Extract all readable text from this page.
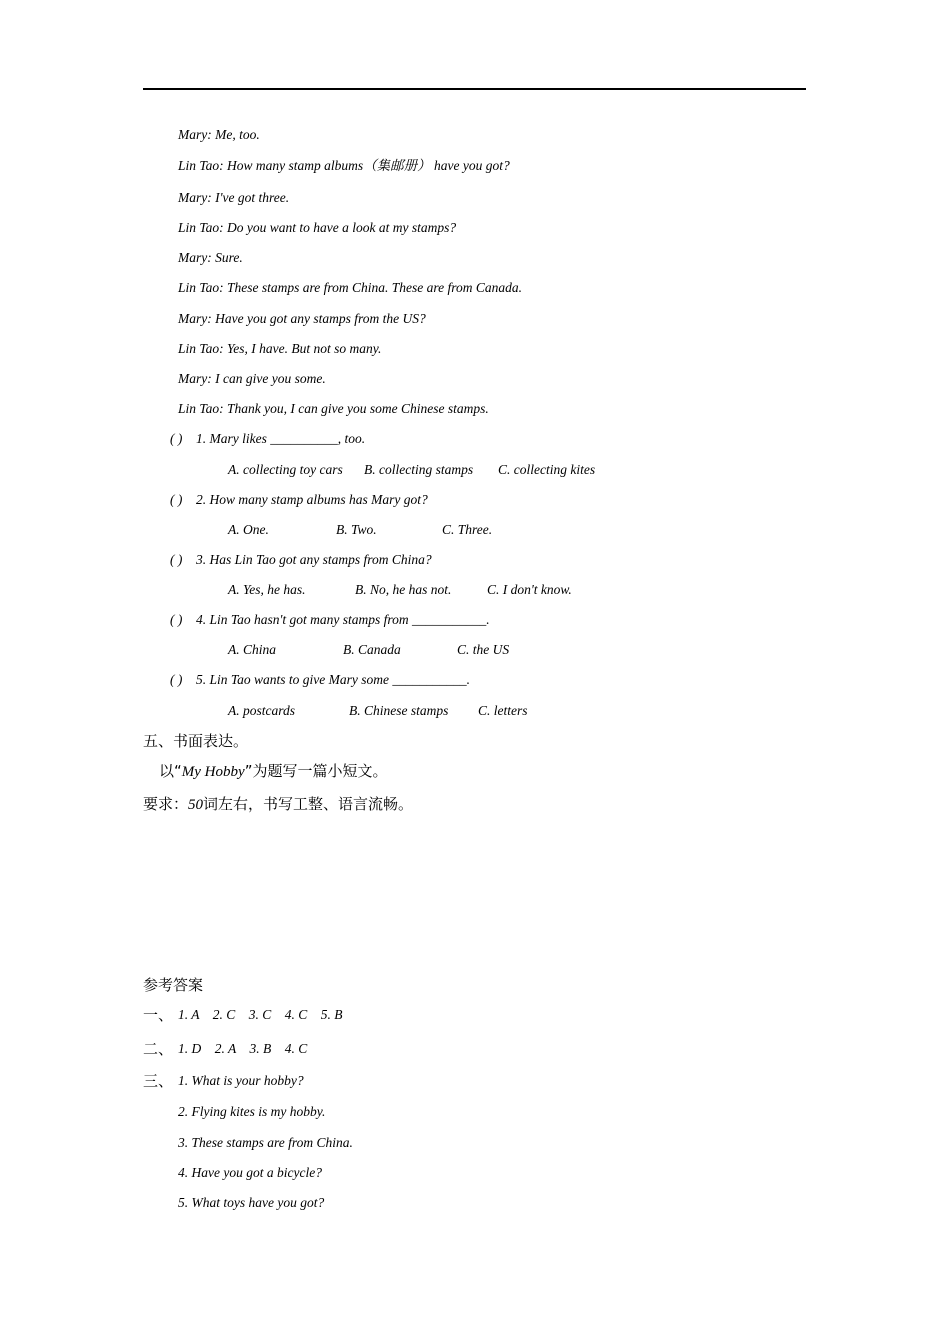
Mary: Me, too.
Lin Tao: How many stamp albums（集邮册） have you got?
Mary: I've got three.
Lin Tao: Do you want to have a look at my stamps?
Mary: Sure.
Lin Tao: These stamps are from China. These are from Canada.
Mary: Have you got any stamps from the US?
Lin Tao: Yes, I have. But not so many.
Mary: I can give you some.
Lin Tao: Thank you, I can give you some Chinese stamps.
( ) 1. Mary likes __________, too.
A. collecting toy cars B. collecting stamps C. collecting kites
( ) 2. How many stamp albums has Mary got?
A. One.	B. Two.	C. Three.
( ) 3. Has Lin Tao got any stamps from China?
A. Yes, he has.	B. No, he has not.	C. I don't know.
( ) 4. Lin Tao hasn't got many stamps from ___________.
A. China	B. Canada	C. the US
( ) 5. Lin Tao wants to give Mary some ___________.
A. postcards	B. Chinese stamps C. letters
五、书面表达。
以“My Hobby”为题写一篇小短文。
要求：50词左右，书写工整、语言流畅。
参考答案
一、 1. A    2. C    3. C    4. C    5. B
二、 1. D    2. A    3. B    4. C
三、 1. What is your hobby?
2. Flying kites is my hobby.
3. These stamps are from China.
4. Have you got a bicycle?
5. What toys have you got?
